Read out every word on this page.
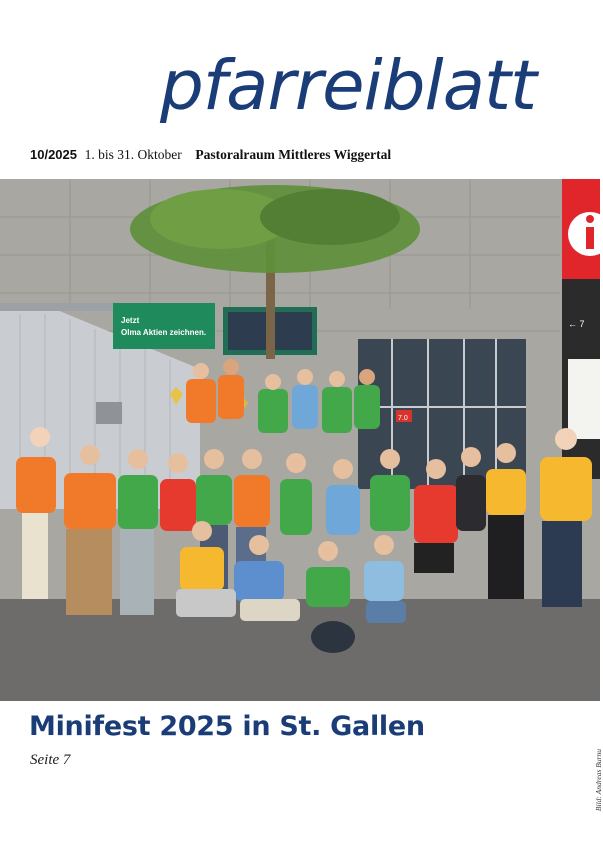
pfarreiblatt
10/2025 1. bis 31. Oktober Pastoralraum Mittleres Wiggertal
Jetzt
Olma Aktien zeichnen.
7.0
← 7
Bild: Andreas Burnu
Minifest 2025 in St. Gallen
Seite 7
